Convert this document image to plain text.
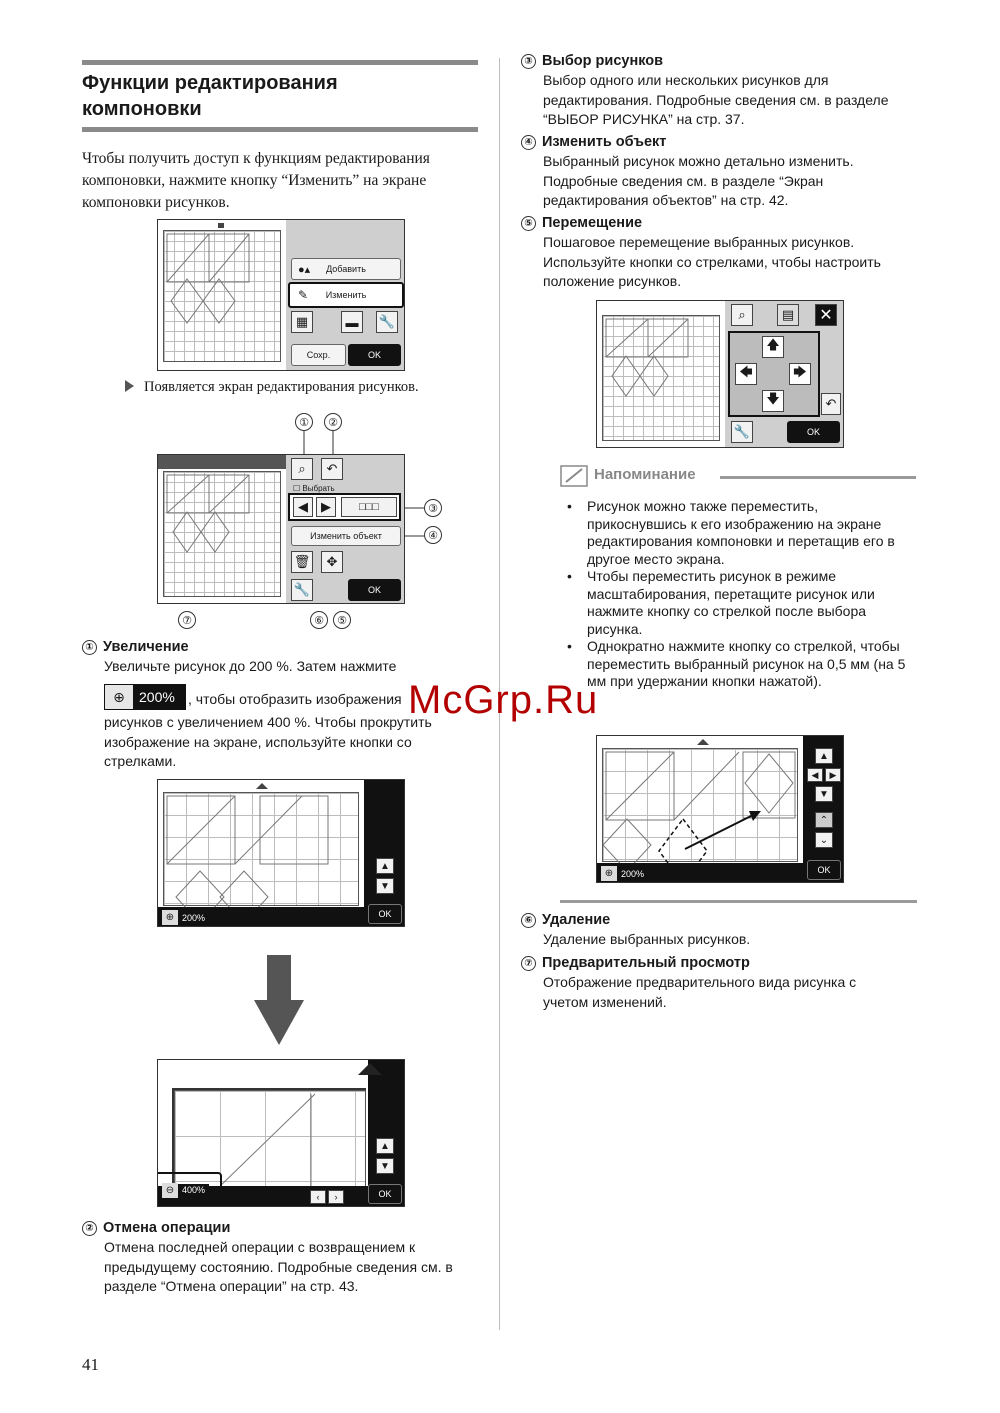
Функции редактирования
компоновки
Чтобы получить доступ к функциям редактирования компоновки, нажмите кнопку “Изменить” на экране компоновки рисунков.
●▴ Добавить
✎ Изменить
▦	▬	🔧
Сохр.	OK
Появляется экран редактирования рисунков.
①	②
③
④
⑤
⑥
⑦
⌕	↶
☐ Выбрать
◀	▶	□□□
Изменить объект
🗑	✥
🔧	OK
① Увеличение
Увеличьте рисунок до 200 %. Затем нажмите
⊕	200% , чтобы отобразить изображения
рисунков с увеличением 400 %. Чтобы прокрутить изображение на экране, используйте кнопки со стрелками.
▲
▼
OK
⊕ 200%
▲
▼
‹	›	OK
⊖ 400%
② Отмена операции
Отмена последней операции с возвращением к предыдущему состоянию. Подробные сведения см. в разделе “Отмена операции” на стр. 43.
41
③ Выбор рисунков
Выбор одного или нескольких рисунков для редактирования. Подробные сведения см. в разделе “ВЫБОР РИСУНКА” на стр. 37.
④ Изменить объект
Выбранный рисунок можно детально изменить. Подробные сведения см. в разделе “Экран редактирования объектов” на стр. 42.
⑤ Перемещение
Пошаговое перемещение выбранных рисунков. Используйте кнопки со стрелками, чтобы настроить положение рисунков.
⌕	▤	✕
🡅
🡄	🡆
🡇	↶
🔧	OK
Напоминание
• Рисунок можно также переместить, прикоснувшись к его изображению на экране редактирования компоновки и перетащив его в другое место экрана.
• Чтобы переместить рисунок в режиме масштабирования, перетащите рисунок или нажмите кнопку со стрелкой после выбора рисунка.
• Однократно нажмите кнопку со стрелкой, чтобы переместить выбранный рисунок на 0,5 мм (на 5 мм при удержании кнопки нажатой).
▲
◀	▶
▼
⌃
⌄
OK
⊕ 200%
⑥ Удаление
Удаление выбранных рисунков.
⑦ Предварительный просмотр
Отображение предварительного вида рисунка с учетом изменений.
McGrp.Ru
